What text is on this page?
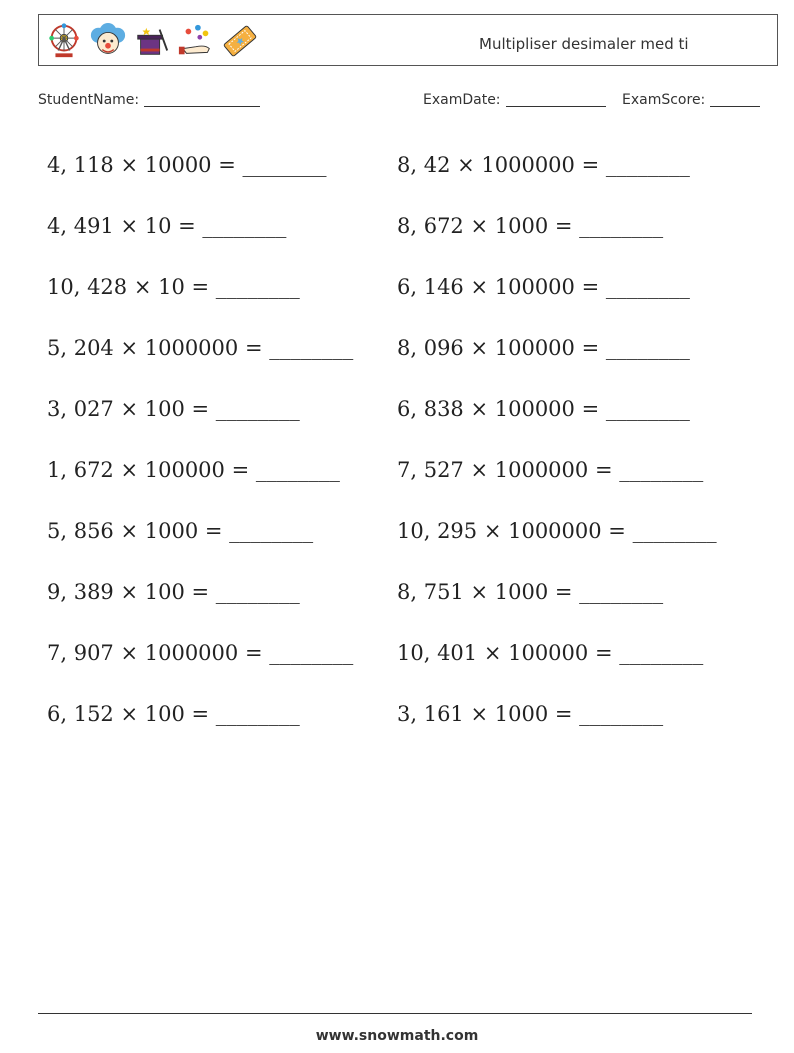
Multipliser desimaler med ti
StudentName:	ExamDate:	ExamScore:
4, 118 × 10000 = ________
4, 491 × 10 = ________
10, 428 × 10 = ________
5, 204 × 1000000 = ________
3, 027 × 100 = ________
1, 672 × 100000 = ________
5, 856 × 1000 = ________
9, 389 × 100 = ________
7, 907 × 1000000 = ________
6, 152 × 100 = ________
8, 42 × 1000000 = ________
8, 672 × 1000 = ________
6, 146 × 100000 = ________
8, 096 × 100000 = ________
6, 838 × 100000 = ________
7, 527 × 1000000 = ________
10, 295 × 1000000 = ________
8, 751 × 1000 = ________
10, 401 × 100000 = ________
3, 161 × 1000 = ________
www.snowmath.com
